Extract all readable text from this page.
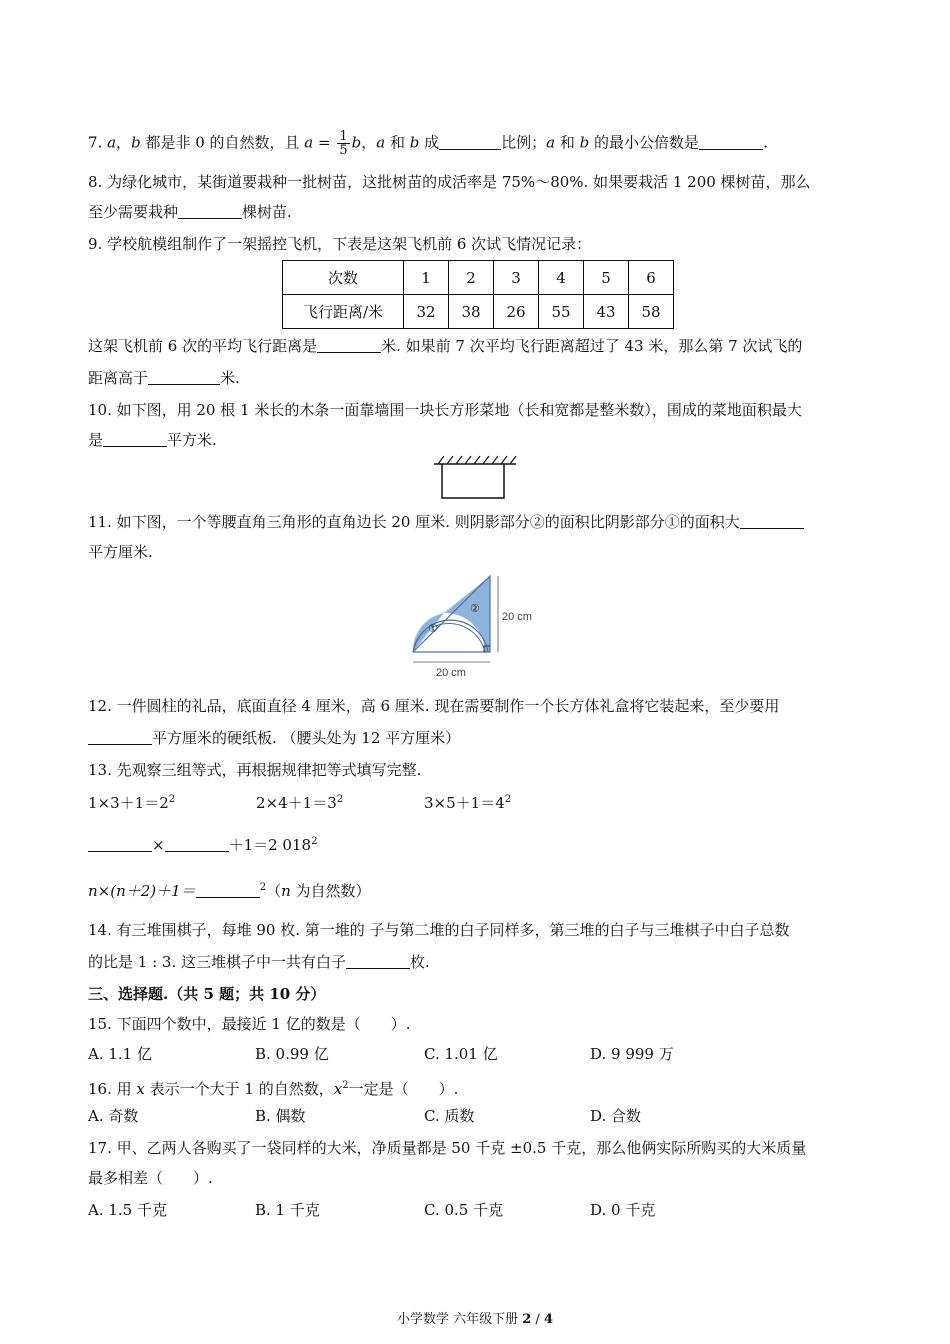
7. a，b 都是非 0 的自然数，且 $a = \frac{1}{5}$ b，a 和 b 成	比例；a 和 b 的最小公倍数是	.
8. 为绿化城市，某街道要栽种一批树苗，这批树苗的成活率是 75%～80%. 如果要栽活 1 200 棵树苗，那么
至少需要栽种	棵树苗.
9. 学校航模组制作了一架摇控飞机，下表是这架飞机前 6 次试飞情况记录：
次数	1	2	3	4	5	6
飞行距离/米	32	38	26	55	43	58
这架飞机前 6 次的平均飞行距离是	米. 如果前 7 次平均飞行距离超过了 43 米，那么第 7 次试飞的
距离高于	米.
10. 如下图，用 20 根 1 米长的木条一面靠墙围一块长方形菜地（长和宽都是整米数），围成的菜地面积最大
是	平方米.
11. 如下图，一个等腰直角三角形的直角边长 20 厘米. 则阴影部分②的面积比阴影部分①的面积大
平方厘米.
①
②
20 cm
20 cm
12. 一件圆柱的礼品，底面直径 4 厘米，高 6 厘米. 现在需要制作一个长方体礼盒将它装起来，至少要用
平方厘米的硬纸板. （腰头处为 12 平方厘米）
13. 先观察三组等式，再根据规律把等式填写完整.
$1\times 3+1=2^2$	$2\times 4+1=3^2$	$3\times 5+1=4^2$
×	＋1＝2 $018^2$
n×(n＋2)＋1＝	$^2$（n 为自然数）
14. 有三堆围棋子，每堆 90 枚. 第一堆的 子与第二堆的白子同样多，第三堆的白子与三堆棋子中白子总数
的比是 1 : 3. 这三堆棋子中一共有白子	枚.
三、选择题.（共 5 题；共 10 分）
15. 下面四个数中，最接近 1 亿的数是（　　）.
A. 1.1 亿	B. 0.99 亿	C. 1.01 亿	D. 9 999 万
16. 用 x 表示一个大于 1 的自然数，$x^2$一定是（　　）.
A. 奇数	B. 偶数	C. 质数	D. 合数
17. 甲、乙两人各购买了一袋同样的大米，净质量都是 50 千克 ±0.5 千克，那么他俩实际所购买的大米质量
最多相差（　　）.
A. 1.5 千克	B. 1 千克	C. 0.5 千克	D. 0 千克
小学数学 六年级下册 2 / 4
